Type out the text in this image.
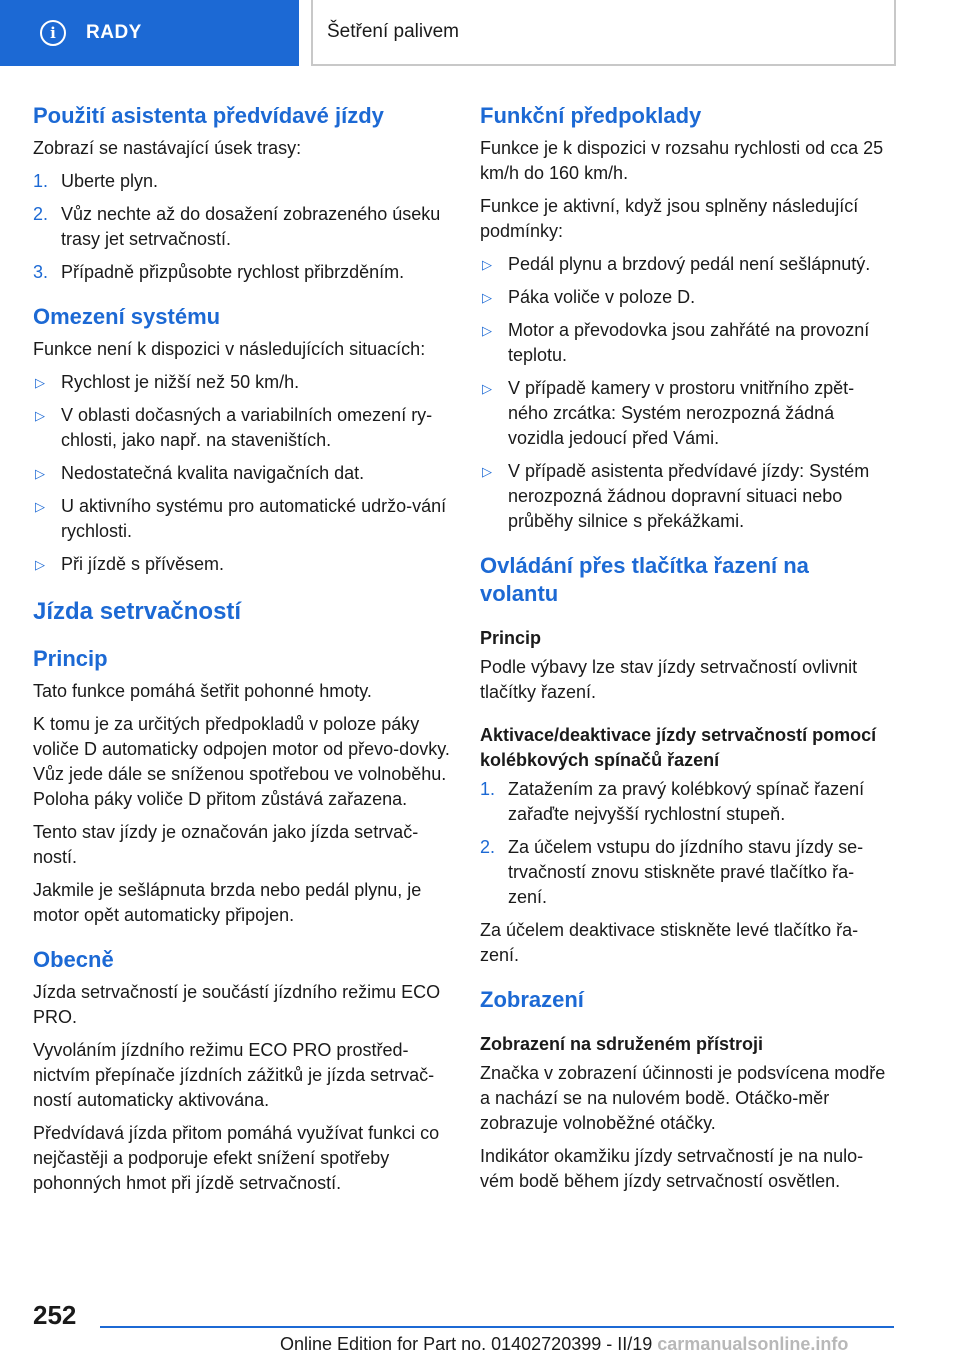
i	RADY	Šetření palivem
Použití asistenta předvídavé jízdy

Zobrazí se nastávající úsek trasy:

1. Uberte plyn.
2. Vůz nechte až do dosažení zobrazeného úseku trasy jet setrvačností.
3. Případně přizpůsobte rychlost přibrzděním.
Omezení systému

Funkce není k dispozici v následujících situacích:

▷ Rychlost je nižší než 50 km/h.
▷ V oblasti dočasných a variabilních omezení ry-chlosti, jako např. na staveništích.
▷ Nedostatečná kvalita navigačních dat.
▷ U aktivního systému pro automatické udržo-vání rychlosti.
▷ Při jízdě s přívěsem.
Jízda setrvačností
Princip

Tato funkce pomáhá šetřit pohonné hmoty.

K tomu je za určitých předpokladů v poloze páky voliče D automaticky odpojen motor od převo-dovky. Vůz jede dále se sníženou spotřebou ve volnoběhu. Poloha páky voliče D přitom zůstává zařazena.

Tento stav jízdy je označován jako jízda setrvač-ností.

Jakmile je sešlápnuta brzda nebo pedál plynu, je motor opět automaticky připojen.

Obecně

Jízda setrvačností je součástí jízdního režimu ECO PRO.

Vyvoláním jízdního režimu ECO PRO prostřed-nictvím přepínače jízdních zážitků je jízda setrvač-ností automaticky aktivována.

Předvídavá jízda přitom pomáhá využívat funkci co nejčastěji a podporuje efekt snížení spotřeby pohonných hmot při jízdě setrvačností.

Funkční předpoklady

Funkce je k dispozici v rozsahu rychlosti od cca 25 km/h do 160 km/h.

Funkce je aktivní, když jsou splněny následující podmínky:

▷ Pedál plynu a brzdový pedál není sešlápnutý.
▷ Páka voliče v poloze D.
▷ Motor a převodovka jsou zahřáté na provozní teplotu.
▷ V případě kamery v prostoru vnitřního zpět-ného zrcátka: Systém nerozpozná žádná vozidla jedoucí před Vámi.
▷ V případě asistenta předvídavé jízdy: Systém nerozpozná žádnou dopravní situaci nebo průběhy silnice s překážkami.
Ovládání přes tlačítka řazení na volantu
Princip

Podle výbavy lze stav jízdy setrvačností ovlivnit tlačítky řazení.

Aktivace/deaktivace jízdy setrvačností pomocí kolébkových spínačů řazení
1. Zatažením za pravý kolébkový spínač řazení zařaďte nejvyšší rychlostní stupeň.
2. Za účelem vstupu do jízdního stavu jízdy se-trvačností znovu stiskněte pravé tlačítko řa-zení.

Za účelem deaktivace stiskněte levé tlačítko řa-zení.

Zobrazení
Zobrazení na sdruženém přístroji

Značka v zobrazení účinnosti je podsvícena modře a nachází se na nulovém bodě. Otáčko-měr zobrazuje volnoběžné otáčky.

Indikátor okamžiku jízdy setrvačností je na nulo-vém bodě během jízdy setrvačností osvětlen.

252
Online Edition for Part no. 01402720399 - II/19 carmanualsonline.info
